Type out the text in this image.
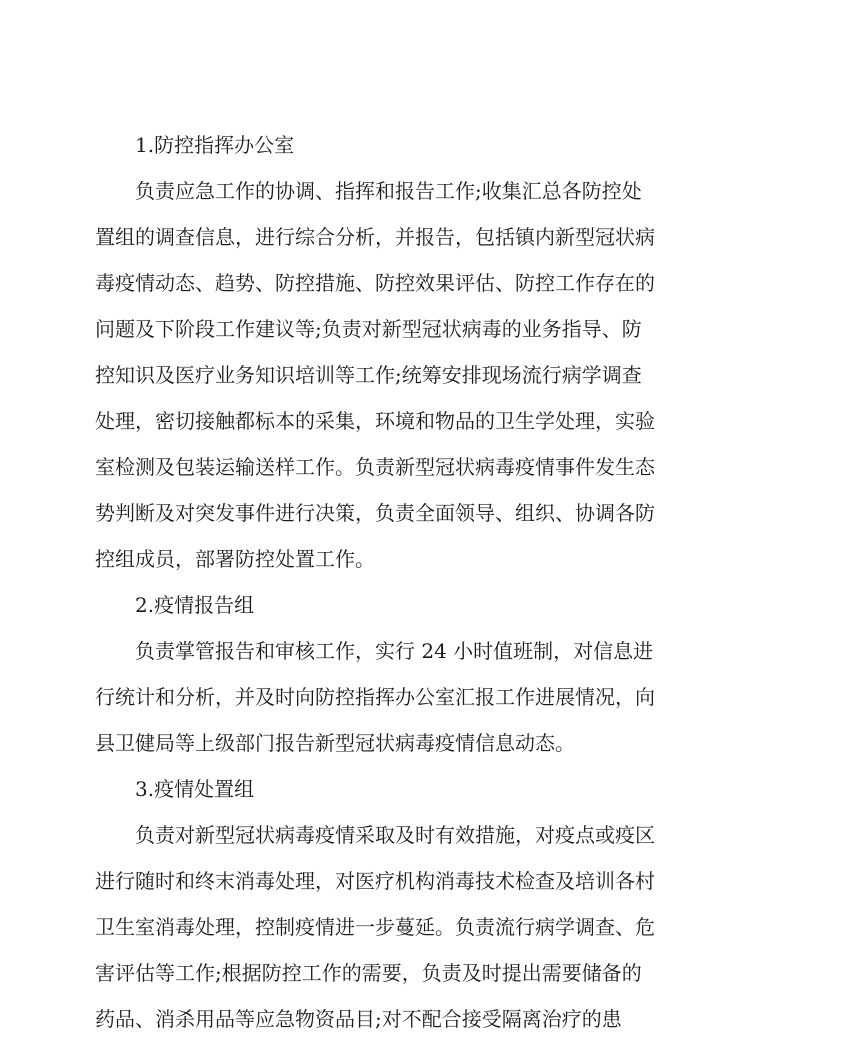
1.防控指挥办公室
负责应急工作的协调、指挥和报告工作;收集汇总各防控处
置组的调查信息，进行综合分析，并报告，包括镇内新型冠状病
毒疫情动态、趋势、防控措施、防控效果评估、防控工作存在的
问题及下阶段工作建议等;负责对新型冠状病毒的业务指导、防
控知识及医疗业务知识培训等工作;统筹安排现场流行病学调查
处理，密切接触都标本的采集，环境和物品的卫生学处理，实验
室检测及包装运输送样工作。负责新型冠状病毒疫情事件发生态
势判断及对突发事件进行决策，负责全面领导、组织、协调各防
控组成员，部署防控处置工作。
2.疫情报告组
负责掌管报告和审核工作，实行 24 小时值班制，对信息进
行统计和分析，并及时向防控指挥办公室汇报工作进展情况，向
县卫健局等上级部门报告新型冠状病毒疫情信息动态。
3.疫情处置组
负责对新型冠状病毒疫情采取及时有效措施，对疫点或疫区
进行随时和终末消毒处理，对医疗机构消毒技术检查及培训各村
卫生室消毒处理，控制疫情进一步蔓延。负责流行病学调查、危
害评估等工作;根据防控工作的需要，负责及时提出需要储备的
药品、消杀用品等应急物资品目;对不配合接受隔离治疗的患
